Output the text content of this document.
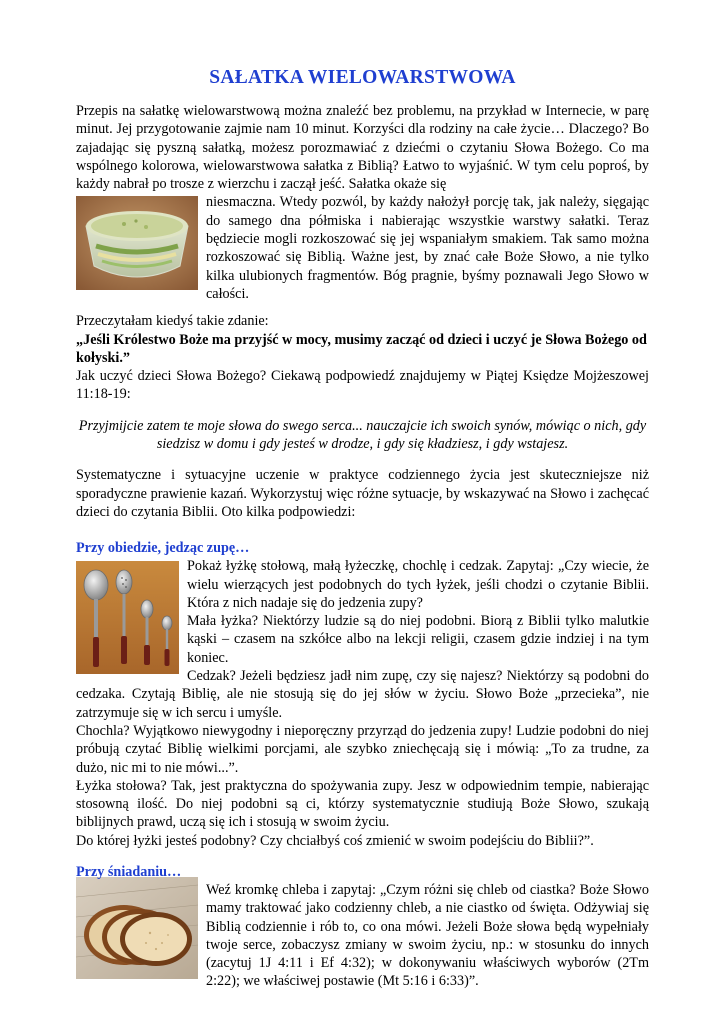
SAŁATKA WIELOWARSTWOWA

Przepis na sałatkę wielowarstwową można znaleźć bez problemu, na przykład w Internecie, w parę minut. Jej przygotowanie zajmie nam 10 minut. Korzyści dla rodziny na całe życie… Dlaczego? Bo zajadając się pyszną sałatką, możesz porozmawiać z dziećmi o czytaniu Słowa Bożego. Co ma wspólnego kolorowa, wielowarstwowa sałatka z Biblią? Łatwo to wyjaśnić. W tym celu poproś, by każdy nabrał po trosze z wierzchu i zaczął jeść. Sałatka okaże się

niesmaczna. Wtedy pozwól, by każdy nałożył porcję tak, jak należy, sięgając do samego dna półmiska i nabierając wszystkie warstwy sałatki. Teraz będziecie mogli rozkoszować się jej wspaniałym smakiem. Tak samo można rozkoszować się Biblią. Ważne jest, by znać całe Boże Słowo, a nie tylko kilka ulubionych fragmentów. Bóg pragnie, byśmy poznawali Jego Słowo w całości.

Przeczytałam kiedyś takie zdanie:

„Jeśli Królestwo Boże ma przyjść w mocy, musimy zacząć od dzieci i uczyć je Słowa Bożego od kołyski.”

Jak uczyć dzieci Słowa Bożego? Ciekawą podpowiedź znajdujemy w Piątej Księdze Mojżeszowej 11:18-19:

Przyjmijcie zatem te moje słowa do swego serca... nauczajcie ich swoich synów, mówiąc o nich, gdy siedzisz w domu i gdy jesteś w drodze, i gdy się kładziesz, i gdy wstajesz.

Systematyczne i sytuacyjne uczenie w praktyce codziennego życia jest skuteczniejsze niż sporadyczne prawienie kazań. Wykorzystuj więc różne sytuacje, by wskazywać na Słowo i zachęcać dzieci do czytania Biblii. Oto kilka podpowiedzi:

Przy obiedzie, jedząc zupę…

Pokaż łyżkę stołową, małą łyżeczkę, chochlę i cedzak. Zapytaj: „Czy wiecie, że wielu wierzących jest podobnych do tych łyżek, jeśli chodzi o czytanie Biblii. Która z nich nadaje się do jedzenia zupy?

Mała łyżka? Niektórzy ludzie są do niej podobni. Biorą z Biblii tylko malutkie kąski – czasem na szkółce albo na lekcji religii, czasem gdzie indziej i na tym koniec.

Cedzak? Jeżeli będziesz jadł nim zupę, czy się najesz? Niektórzy są podobni do cedzaka. Czytają Biblię, ale nie stosują się do jej słów w życiu. Słowo Boże „przecieka”, nie zatrzymuje się w ich sercu i umyśle.

Chochla? Wyjątkowo niewygodny i nieporęczny przyrząd do jedzenia zupy! Ludzie podobni do niej próbują czytać Biblię wielkimi porcjami, ale szybko zniechęcają się i mówią: „To za trudne, za dużo, nic mi to nie mówi...”.

Łyżka stołowa? Tak, jest praktyczna do spożywania zupy. Jesz w odpowiednim tempie, nabierając stosowną ilość. Do niej podobni są ci, którzy systematycznie studiują Boże Słowo, szukają biblijnych prawd, uczą się ich i stosują w swoim życiu.

Do której łyżki jesteś podobny? Czy chciałbyś coś zmienić w swoim podejściu do Biblii?”.

Przy śniadaniu…

Weź kromkę chleba i zapytaj: „Czym różni się chleb od ciastka? Boże Słowo mamy traktować jako codzienny chleb, a nie ciastko od święta. Odżywiaj się Biblią codziennie i rób to, co ona mówi. Jeżeli Boże słowa będą wypełniały twoje serce, zobaczysz zmiany w swoim życiu, np.: w stosunku do innych (zacytuj 1J 4:11 i Ef 4:32); w dokonywaniu właściwych wyborów (2Tm 2:22); we właściwej postawie (Mt 5:16 i 6:33)”.
